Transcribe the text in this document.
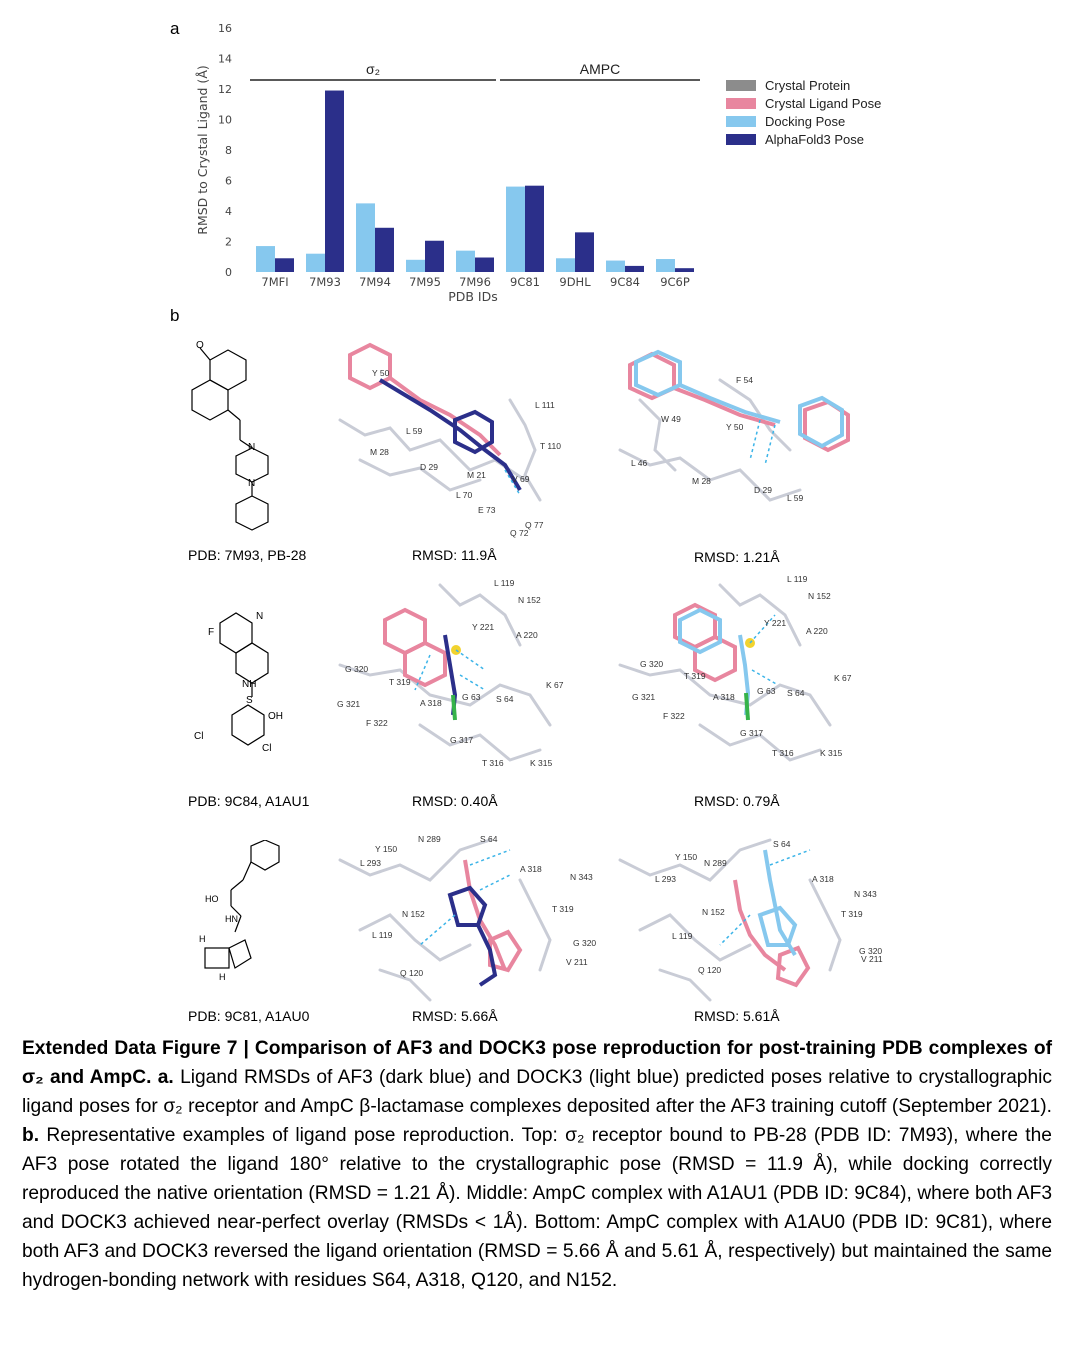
a
b
0
2
4
6
8
10
12
14
16
7MFI 7M93 7M94 7M95 7M96 9C81 9DHL 9C84 9C6P
σ₂	AMPC
Crystal Protein
Crystal Ligand Pose
Docking Pose
AlphaFold3 Pose
RMSD to Crystal Ligand (Å)
PDB IDs
O
N
N
N
F
NH
S
OH
Cl
Cl
HO
HN
H
H
Y 50
L 111
L 59
T 110
M 28
D 29
M 21	V 69
L 70
E 73
Q 77
Q 72
F 54
W 49
Y 50
L 46
M 28
D 29
L 59
L 119
N 152
Y 221
A 220
G 320
T 319	K 67
G 321	A 318	S 64
F 322
G 317
T 316	K 315
G 63
L 119
N 152
Y 221
A 220
G 320
T 319	K 67
G 321	A 318	S 64
F 322
G 317
T 316	K 315
G 63
N 289	S 64
Y 150
L 293
A 318
N 343
N 152	T 319
L 119
G 320
V 211
Q 120
S 64
Y 150
N 289
L 293	A 318
N 343
N 152	T 319
L 119
G 320
V 211
Q 120
PDB: 7M93, PB-28	RMSD: 11.9Å	RMSD: 1.21Å
PDB: 9C84, A1AU1	RMSD: 0.40Å	RMSD: 0.79Å
PDB: 9C81, A1AU0	RMSD: 5.66Å	RMSD: 5.61Å
Extended Data Figure 7 | Comparison of AF3 and DOCK3 pose reproduction for post-training PDB complexes of σ₂ and AmpC. a. Ligand RMSDs of AF3 (dark blue) and DOCK3 (light blue) predicted poses relative to crystallographic ligand poses for σ₂ receptor and AmpC β-lactamase complexes deposited after the AF3 training cutoff (September 2021). b. Representative examples of ligand pose reproduction. Top: σ₂ receptor bound to PB-28 (PDB ID: 7M93), where the AF3 pose rotated the ligand 180° relative to the crystallographic pose (RMSD = 11.9 Å), while docking correctly reproduced the native orientation (RMSD = 1.21 Å). Middle: AmpC complex with A1AU1 (PDB ID: 9C84), where both AF3 and DOCK3 achieved near-perfect overlay (RMSDs < 1Å). Bottom: AmpC complex with A1AU0 (PDB ID: 9C81), where both AF3 and DOCK3 reversed the ligand orientation (RMSD = 5.66 Å and 5.61 Å, respectively) but maintained the same hydrogen-bonding network with residues S64, A318, Q120, and N152.
